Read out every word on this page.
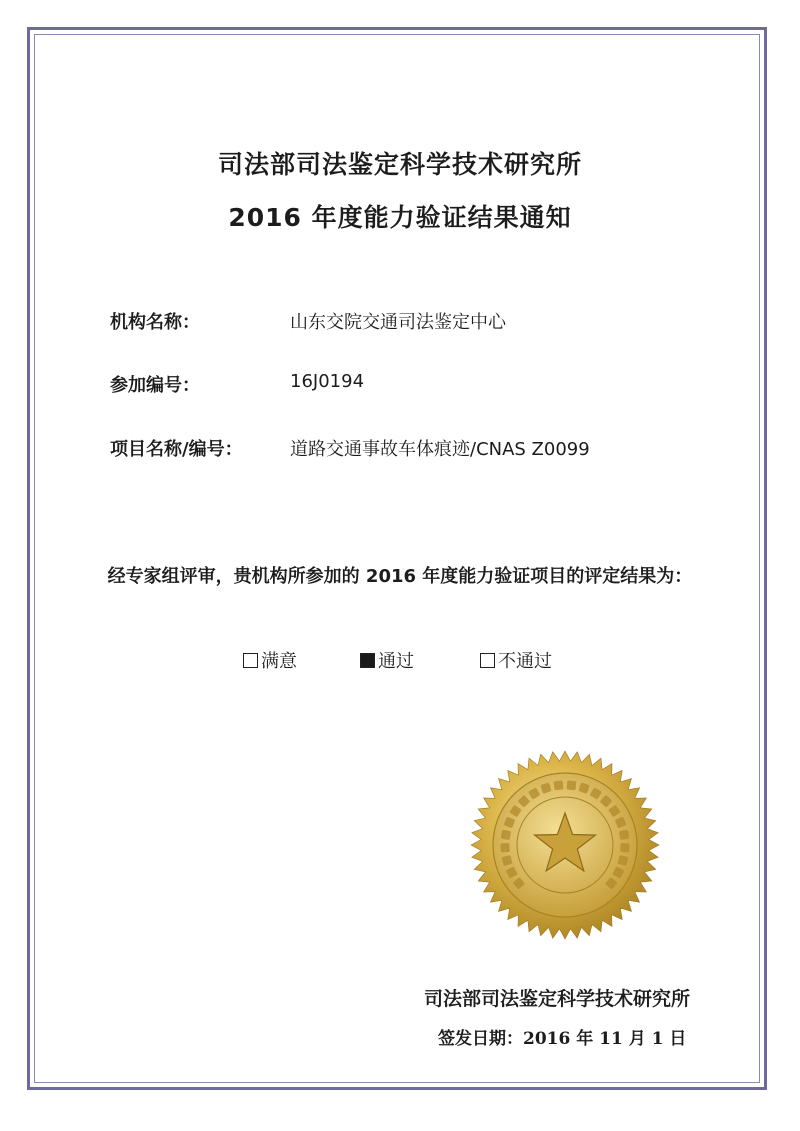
司法部司法鉴定科学技术研究所
2016 年度能力验证结果通知
机构名称：	山东交院交通司法鉴定中心
参加编号：	16J0194
项目名称/编号：	道路交通事故车体痕迹/CNAS Z0099
经专家组评审，贵机构所参加的 2016 年度能力验证项目的评定结果为：
满意	通过	不通过
司法部司法鉴定科学技术研究所
签发日期：2016 年 11 月 1 日
